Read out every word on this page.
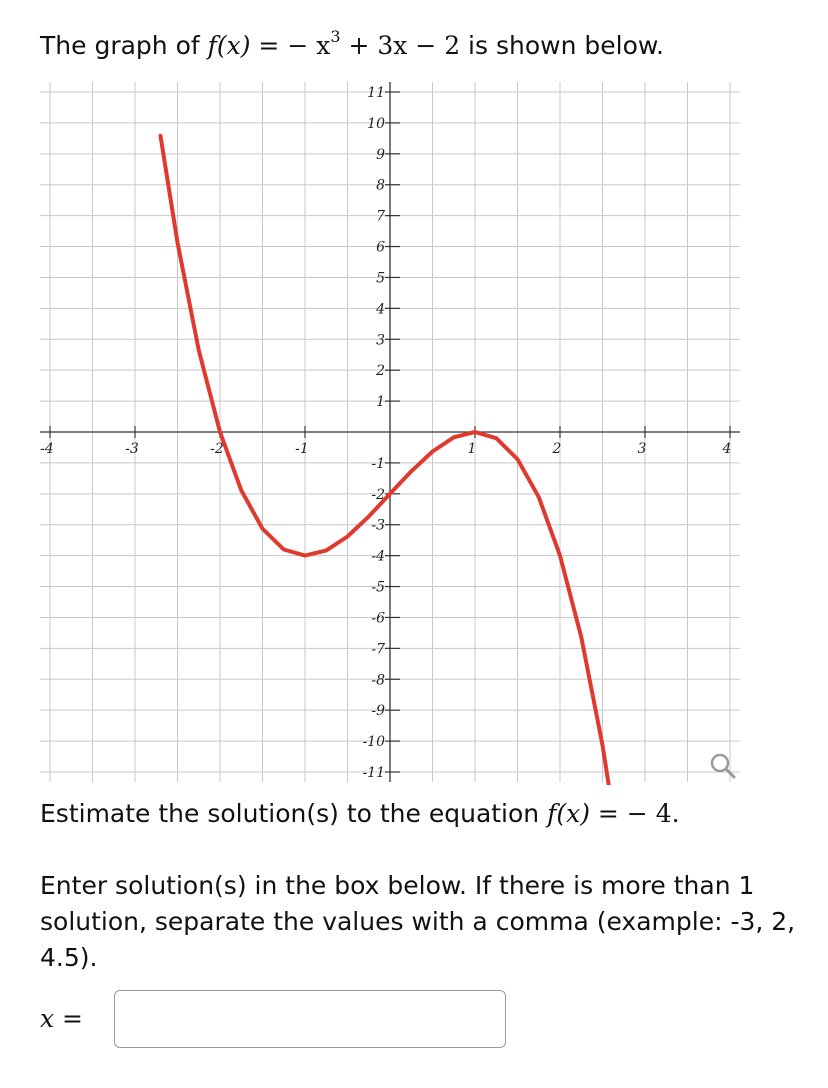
The graph of f(x) = − $x^3 + 3x - 2$ is shown below.
-4	-3	-2	-1	1	2	3	4
11
10
9
8
7
6
5
4
3
2
1
-1
-2
-3
-4
-5
-6
-7
-8
-9
-10
-11
Estimate the solution(s) to the equation f(x) = − 4.
Enter solution(s) in the box below. If there is more than 1 solution, separate the values with a comma (example: -3, 2, 4.5).
x =
